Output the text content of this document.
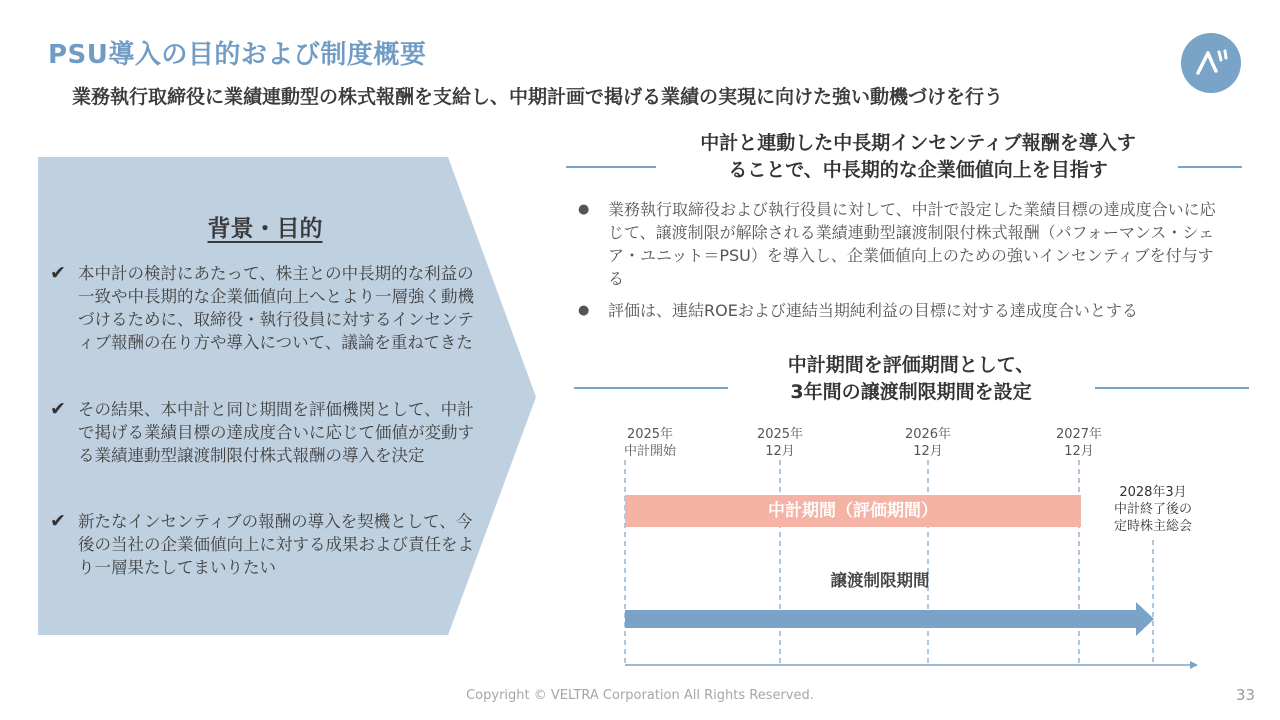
PSU導入の目的および制度概要
業務執行取締役に業績連動型の株式報酬を支給し、中期計画で掲げる業績の実現に向けた強い動機づけを行う
背景・目的
✔ 本中計の検討にあたって、株主との中長期的な利益の一致や中長期的な企業価値向上へとより一層強く動機づけるために、取締役・執行役員に対するインセンティブ報酬の在り方や導入について、議論を重ねてきた
✔ その結果、本中計と同じ期間を評価機関として、中計で掲げる業績目標の達成度合いに応じて価値が変動する業績連動型譲渡制限付株式報酬の導入を決定
✔ 新たなインセンティブの報酬の導入を契機として、今後の当社の企業価値向上に対する成果および責任をより一層果たしてまいりたい
中計と連動した中長期インセンティブ報酬を導入す
ることで、中長期的な企業価値向上を目指す
●	業務執行取締役および執行役員に対して、中計で設定した業績目標の達成度合いに応じて、譲渡制限が解除される業績連動型譲渡制限付株式報酬（パフォーマンス・シェア・ユニット＝PSU）を導入し、企業価値向上のための強いインセンティブを付与する
●	評価は、連結ROEおよび連結当期純利益の目標に対する達成度合いとする
中計期間を評価期間として、
3年間の譲渡制限期間を設定
2025年
中計開始
2025年
12月
2026年
12月
2027年
12月
中計期間（評価期間）
譲渡制限期間
2028年3月
中計終了後の
定時株主総会
Copyright © VELTRA Corporation All Rights Reserved.	33
